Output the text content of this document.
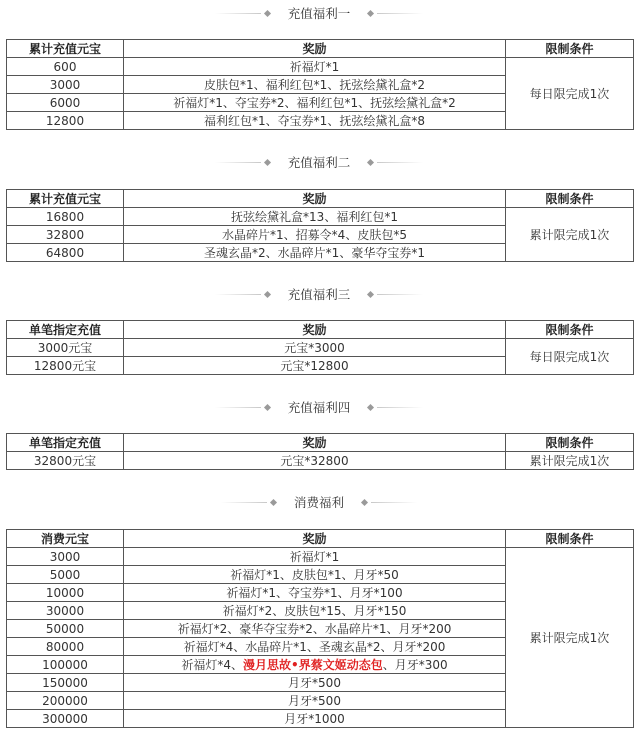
充值福利一
累计充值元宝	奖励	限制条件
600	祈福灯*1	每日限完成1次
3000	皮肤包*1、福利红包*1、抚弦绘黛礼盒*2	
6000	祈福灯*1、夺宝券*2、福利红包*1、抚弦绘黛礼盒*2	
12800	福利红包*1、夺宝券*1、抚弦绘黛礼盒*8	
充值福利二
累计充值元宝	奖励	限制条件
16800	抚弦绘黛礼盒*13、福利红包*1	累计限完成1次
32800	水晶碎片*1、招募令*4、皮肤包*5	
64800	圣魂玄晶*2、水晶碎片*1、豪华夺宝券*1	
充值福利三
单笔指定充值	奖励	限制条件
3000元宝	元宝*3000	每日限完成1次
12800元宝	元宝*12800	
充值福利四
单笔指定充值	奖励	限制条件
32800元宝	元宝*32800	累计限完成1次
消费福利
消费元宝	奖励	限制条件
3000	祈福灯*1	累计限完成1次
5000	祈福灯*1、皮肤包*1、月牙*50	
10000	祈福灯*1、夺宝券*1、月牙*100	
30000	祈福灯*2、皮肤包*15、月牙*150	
50000	祈福灯*2、豪华夺宝券*2、水晶碎片*1、月牙*200	
80000	祈福灯*4、水晶碎片*1、圣魂玄晶*2、月牙*200	
100000	祈福灯*4、漫月思故•界蔡文姬动态包、月牙*300	
150000	月牙*500	
200000	月牙*500	
300000	月牙*1000	
